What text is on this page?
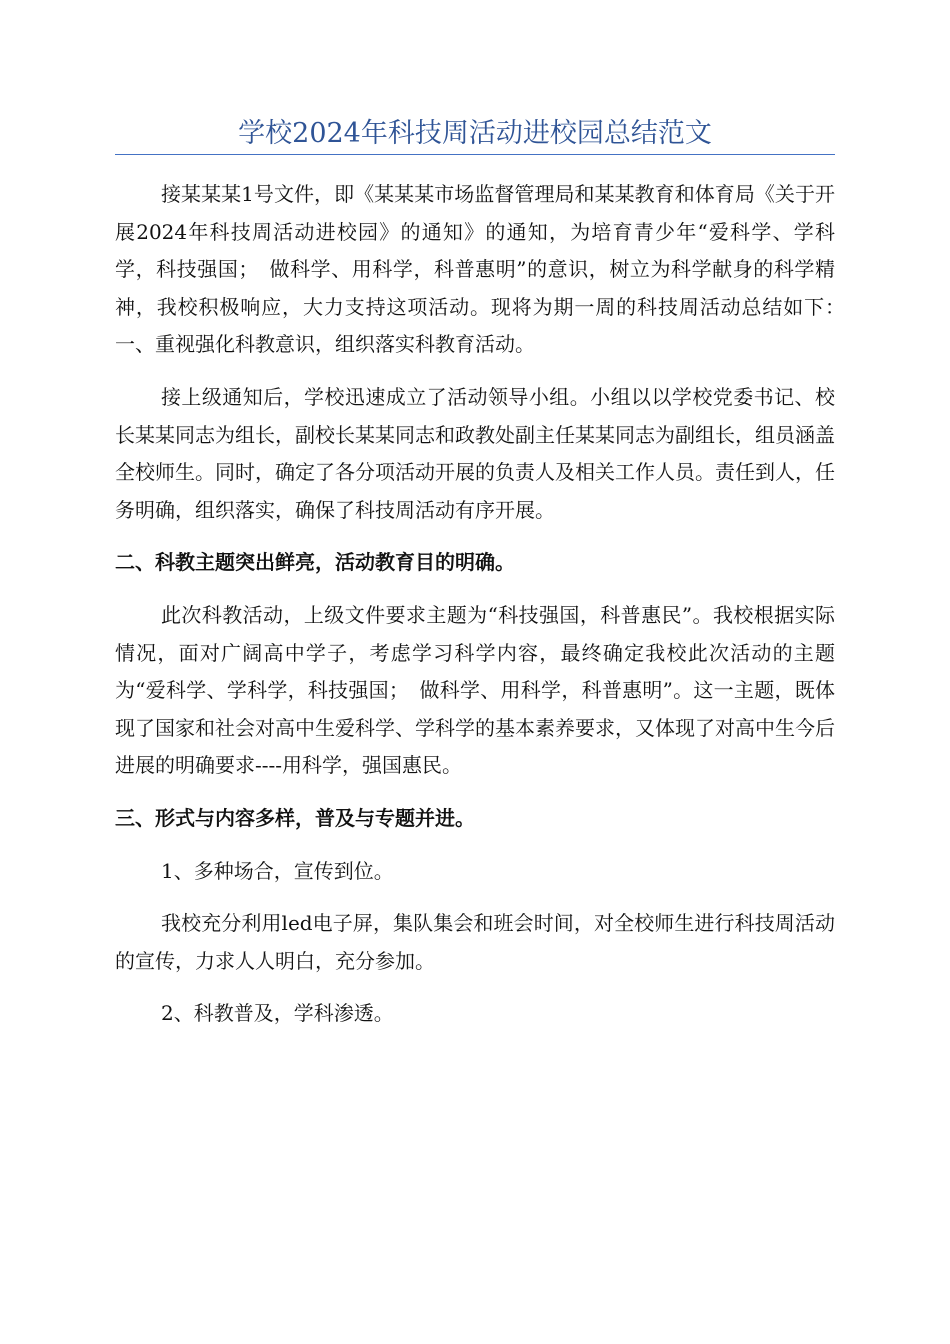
学校2024年科技周活动进校园总结范文

接某某某1号文件，即《某某某市场监督管理局和某某教育和体育局《关于开展2024年科技周活动进校园》的通知》的通知，为培育青少年“爱科学、学科学，科技强国；　做科学、用科学，科普惠明”的意识，树立为科学献身的科学精神，我校积极响应，大力支持这项活动。现将为期一周的科技周活动总结如下：　一、重视强化科教意识，组织落实科教育活动。

接上级通知后，学校迅速成立了活动领导小组。小组以以学校党委书记、校长某某同志为组长，副校长某某同志和政教处副主任某某同志为副组长，组员涵盖全校师生。同时，确定了各分项活动开展的负责人及相关工作人员。责任到人，任务明确，组织落实，确保了科技周活动有序开展。

二、科教主题突出鲜亮，活动教育目的明确。

此次科教活动，上级文件要求主题为“科技强国，科普惠民”。我校根据实际情况，面对广阔高中学子，考虑学习科学内容，最终确定我校此次活动的主题为“爱科学、学科学，科技强国；　做科学、用科学，科普惠明”。这一主题，既体现了国家和社会对高中生爱科学、学科学的基本素养要求，又体现了对高中生今后进展的明确要求----用科学，强国惠民。

三、形式与内容多样，普及与专题并进。

1、多种场合，宣传到位。

我校充分利用led电子屏，集队集会和班会时间，对全校师生进行科技周活动的宣传，力求人人明白，充分参加。

2、科教普及，学科渗透。
